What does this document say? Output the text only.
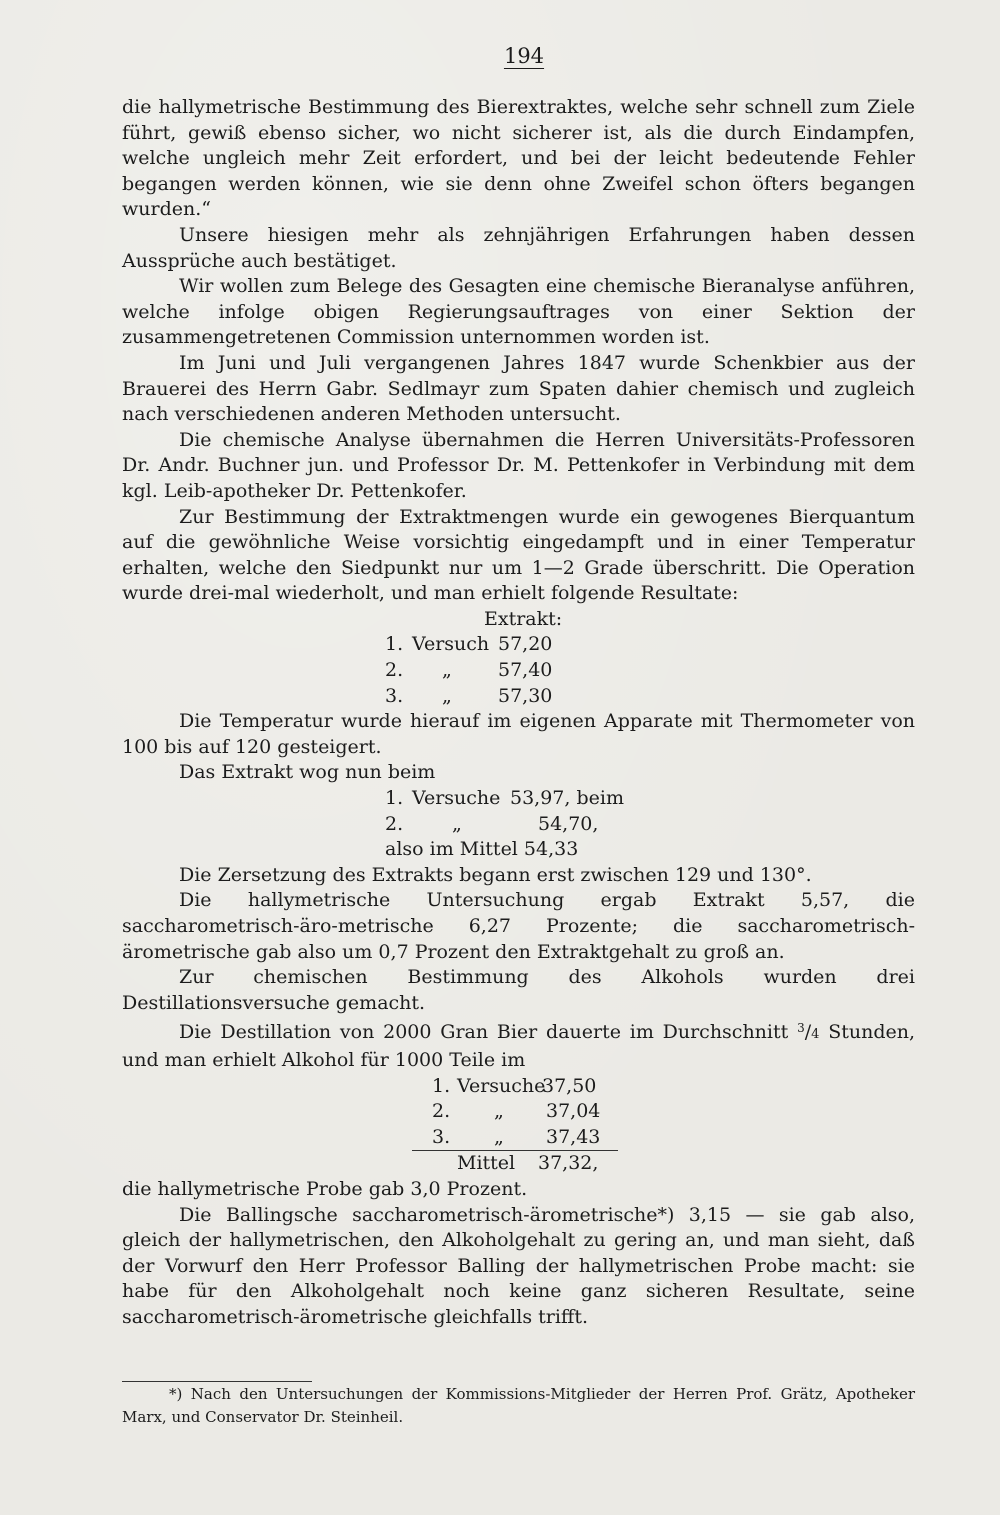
194

die hallymetrische Bestimmung des Bierextraktes, welche sehr schnell zum Ziele führt, gewiß ebenso sicher, wo nicht sicherer ist, als die durch Eindampfen, welche ungleich mehr Zeit erfordert, und bei der leicht bedeutende Fehler begangen werden können, wie sie denn ohne Zweifel schon öfters begangen wurden.“

Unsere hiesigen mehr als zehnjährigen Erfahrungen haben dessen Aussprüche auch bestätiget.

Wir wollen zum Belege des Gesagten eine chemische Bieranalyse anführen, welche infolge obigen Regierungsauftrages von einer Sektion der zusammengetretenen Commission unternommen worden ist.

Im Juni und Juli vergangenen Jahres 1847 wurde Schenkbier aus der Brauerei des Herrn Gabr. Sedlmayr zum Spaten dahier chemisch und zugleich nach verschiedenen anderen Methoden untersucht.

Die chemische Analyse übernahmen die Herren Universitäts-Professoren Dr. Andr. Buchner jun. und Professor Dr. M. Pettenkofer in Verbindung mit dem kgl. Leib-apotheker Dr. Pettenkofer.

Zur Bestimmung der Extraktmengen wurde ein gewogenes Bierquantum auf die gewöhnliche Weise vorsichtig eingedampft und in einer Temperatur erhalten, welche den Siedpunkt nur um 1—2 Grade überschritt. Die Operation wurde drei-mal wiederholt, und man erhielt folgende Resultate:

Extrakt:
1. Versuch 57,20
2. „ 57,40
3. „ 57,30

Die Temperatur wurde hierauf im eigenen Apparate mit Thermometer von 100 bis auf 120 gesteigert.

Das Extrakt wog nun beim

1. Versuche 53,97, beim
2.	„	54,70,
also im Mittel 54,33

Die Zersetzung des Extrakts begann erst zwischen 129 und 130°.

Die hallymetrische Untersuchung ergab Extrakt 5,57, die saccharometrisch-äro-metrische 6,27 Prozente; die saccharometrisch-ärometrische gab also um 0,7 Prozent den Extraktgehalt zu groß an.

Zur chemischen Bestimmung des Alkohols wurden drei Destillationsversuche gemacht.

Die Destillation von 2000 Gran Bier dauerte im Durchschnitt $^3$/4 Stunden, und man erhielt Alkohol für 1000 Teile im

1. Versuche
37,50
2. „ 37,04
3. „ 37,43
Mittel 37,32,

die hallymetrische Probe gab 3,0 Prozent.

Die Ballingsche saccharometrisch-ärometrische*) 3,15 — sie gab also, gleich der hallymetrischen, den Alkoholgehalt zu gering an, und man sieht, daß der Vorwurf den Herr Professor Balling der hallymetrischen Probe macht: sie habe für den Alkoholgehalt noch keine ganz sicheren Resultate, seine saccharometrisch-ärometrische gleichfalls trifft.

*) Nach den Untersuchungen der Kommissions-Mitglieder der Herren Prof. Grätz, Apotheker Marx, und Conservator Dr. Steinheil.
